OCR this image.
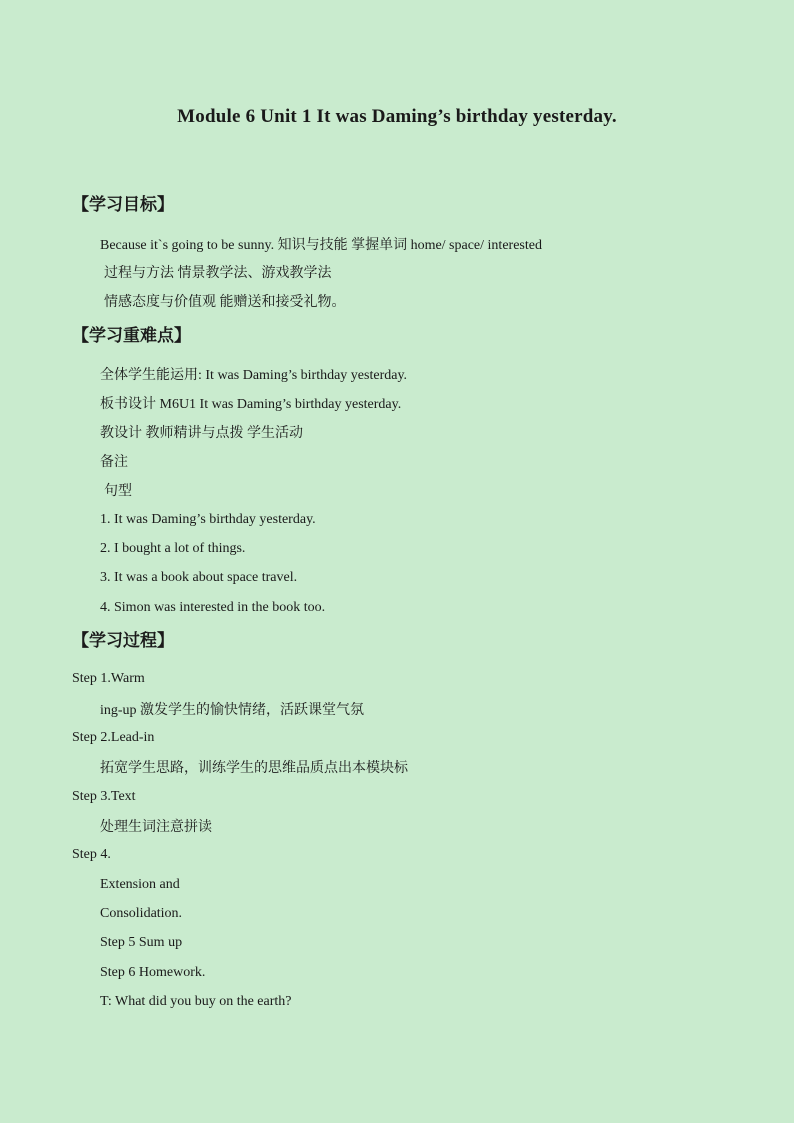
Module 6 Unit 1 It was Daming’s birthday yesterday.
【学习目标】
Because it`s going to be sunny. 知识与技能 掌握单词 home/ space/ interested
过程与方法 情景教学法、游戏教学法
情感态度与价值观 能赠送和接受礼物。
【学习重难点】
全体学生能运用: It was Daming’s birthday yesterday.
板书设计 M6U1 It was Daming’s birthday yesterday.
教设计 教师精讲与点拨 学生活动
备注
句型
1. It was Daming’s birthday yesterday.
2. I bought a lot of things.
3. It was a book about space travel.
4. Simon was interested in the book too.
【学习过程】
Step 1.Warm
ing-up 激发学生的愉快情绪，活跃课堂气氛
Step 2.Lead-in
拓宽学生思路，训练学生的思维品质点出本模块标
Step 3.Text
处理生词注意拼读
Step 4.
Extension and
Consolidation.
Step 5 Sum up
Step 6 Homework.
T: What did you buy on the earth?
